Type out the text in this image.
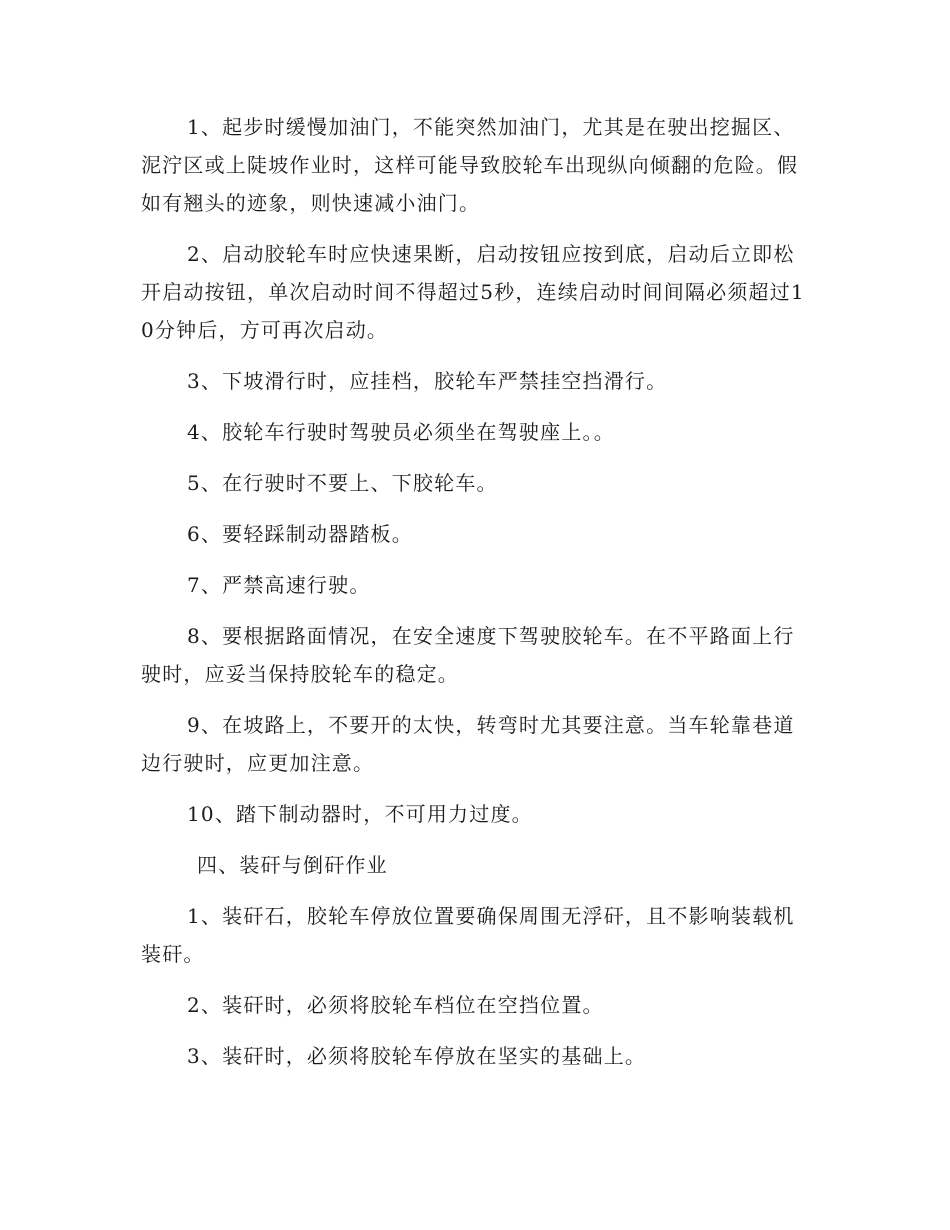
1、起步时缓慢加油门，不能突然加油门，尤其是在驶出挖掘区、泥泞区或上陡坡作业时，这样可能导致胶轮车出现纵向倾翻的危险。假如有翘头的迹象，则快速减小油门。

2、启动胶轮车时应快速果断，启动按钮应按到底，启动后立即松开启动按钮，单次启动时间不得超过5秒，连续启动时间间隔必须超过10分钟后，方可再次启动。

3、下坡滑行时，应挂档，胶轮车严禁挂空挡滑行。

4、胶轮车行驶时驾驶员必须坐在驾驶座上。。

5、在行驶时不要上、下胶轮车。

6、要轻踩制动器踏板。

7、严禁高速行驶。

8、要根据路面情况，在安全速度下驾驶胶轮车。在不平路面上行驶时，应妥当保持胶轮车的稳定。

9、在坡路上，不要开的太快，转弯时尤其要注意。当车轮靠巷道边行驶时，应更加注意。

10、踏下制动器时，不可用力过度。

四、装矸与倒矸作业

1、装矸石，胶轮车停放位置要确保周围无浮矸，且不影响装载机装矸。

2、装矸时，必须将胶轮车档位在空挡位置。

3、装矸时，必须将胶轮车停放在坚实的基础上。
